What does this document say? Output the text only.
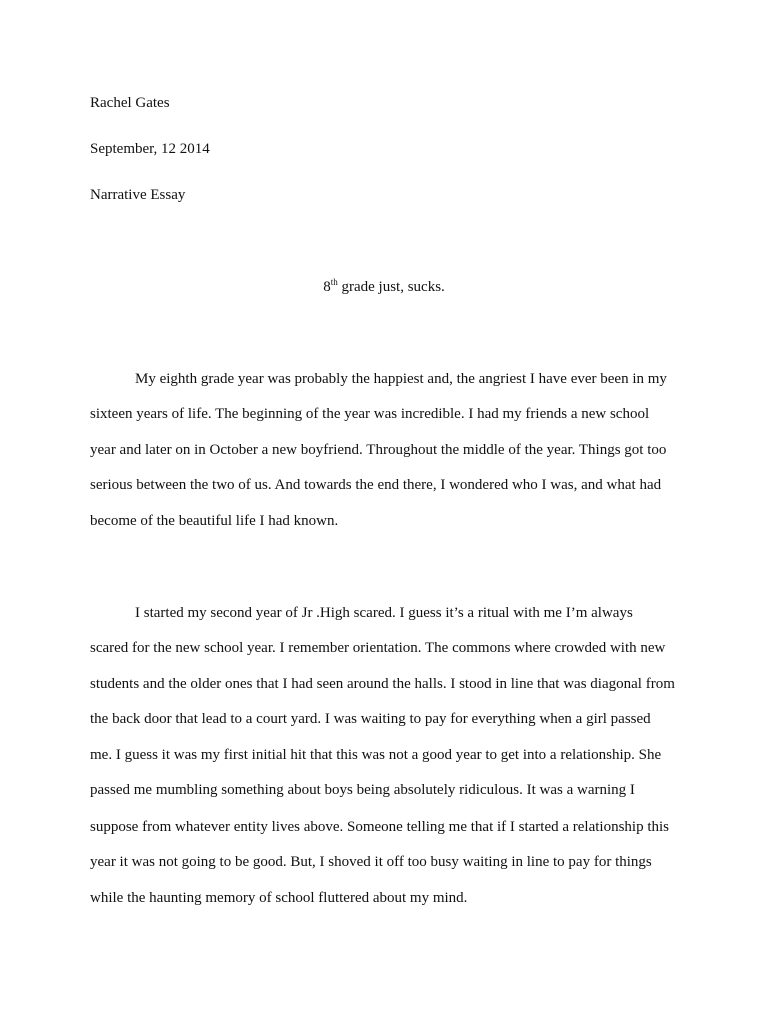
Rachel Gates
September, 12 2014
Narrative Essay
8th grade just, sucks.
My eighth grade year was probably the happiest and, the angriest I have ever been in my
sixteen years of life. The beginning of the year was incredible. I had my friends a new school
year and later on in October a new boyfriend. Throughout the middle of the year. Things got too
serious between the two of us. And towards the end there, I wondered who I was, and what had
become of the beautiful life I had known.
I started my second year of Jr .High scared. I guess it’s a ritual with me I’m always
scared for the new school year. I remember orientation. The commons where crowded with new
students and the older ones that I had seen around the halls. I stood in line that was diagonal from
the back door that lead to a court yard. I was waiting to pay for everything when a girl passed
me. I guess it was my first initial hit that this was not a good year to get into a relationship. She
passed me mumbling something about boys being absolutely ridiculous. It was a warning I
suppose from whatever entity lives above. Someone telling me that if I started a relationship this
year it was not going to be good. But, I shoved it off too busy waiting in line to pay for things
while the haunting memory of school fluttered about my mind.
